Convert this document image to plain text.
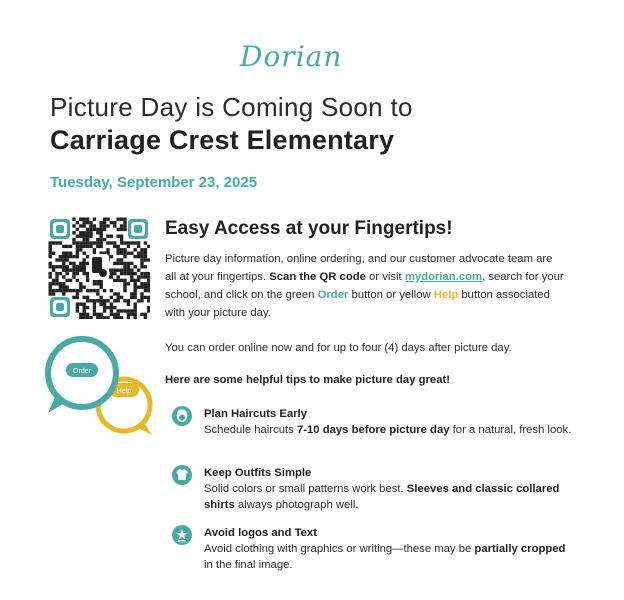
Dorian
Picture Day is Coming Soon to
Carriage Crest Elementary
Tuesday, September 23, 2025
Help
Order
Easy Access at your Fingertips!

Picture day information, online ordering, and our customer advocate team are all at your fingertips. Scan the QR code or visit mydorian.com, search for your school, and click on the green Order button or yellow Help button associated with your picture day.

You can order online now and for up to four (4) days after picture day.
Here are some helpful tips to make picture day great!
Plan Haircuts Early
Schedule haircuts 7-10 days before picture day for a natural, fresh look.
Keep Outfits Simple
Solid colors or small patterns work best. Sleeves and classic collared shirts always photograph well.
Avoid logos and Text
Avoid clothing with graphics or writing—these may be partially cropped in the final image.
